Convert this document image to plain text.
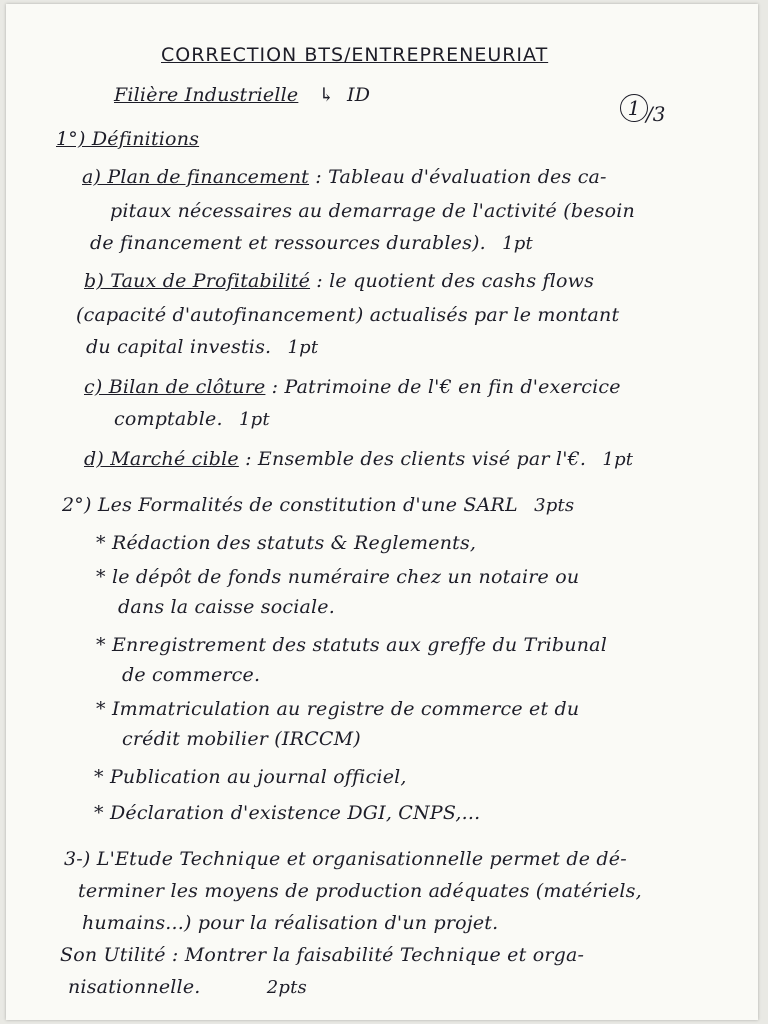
CORRECTION BTS/ENTREPRENEURIAT
Filière Industrielle ↳ ID
1 /3
1°) Définitions
a) Plan de financement : Tableau d'évaluation des ca-
pitaux nécessaires au demarrage de l'activité (besoin
de financement et ressources durables). 1pt
b) Taux de Profitabilité : le quotient des cashs flows
(capacité d'autofinancement) actualisés par le montant
du capital investis. 1pt
c) Bilan de clôture : Patrimoine de l'€ en fin d'exercice
comptable. 1pt
d) Marché cible : Ensemble des clients visé par l'€. 1pt
2°) Les Formalités de constitution d'une SARL 3pts
* Rédaction des statuts & Reglements,
* le dépôt de fonds numéraire chez un notaire ou
dans la caisse sociale.
* Enregistrement des statuts aux greffe du Tribunal
de commerce.
* Immatriculation au registre de commerce et du
crédit mobilier (IRCCM)
* Publication au journal officiel,
* Déclaration d'existence DGI, CNPS,...
3-) L'Etude Technique et organisationnelle permet de dé-
terminer les moyens de production adéquates (matériels,
humains...) pour la réalisation d'un projet.
Son Utilité : Montrer la faisabilité Technique et orga-
nisationnelle.	2pts
